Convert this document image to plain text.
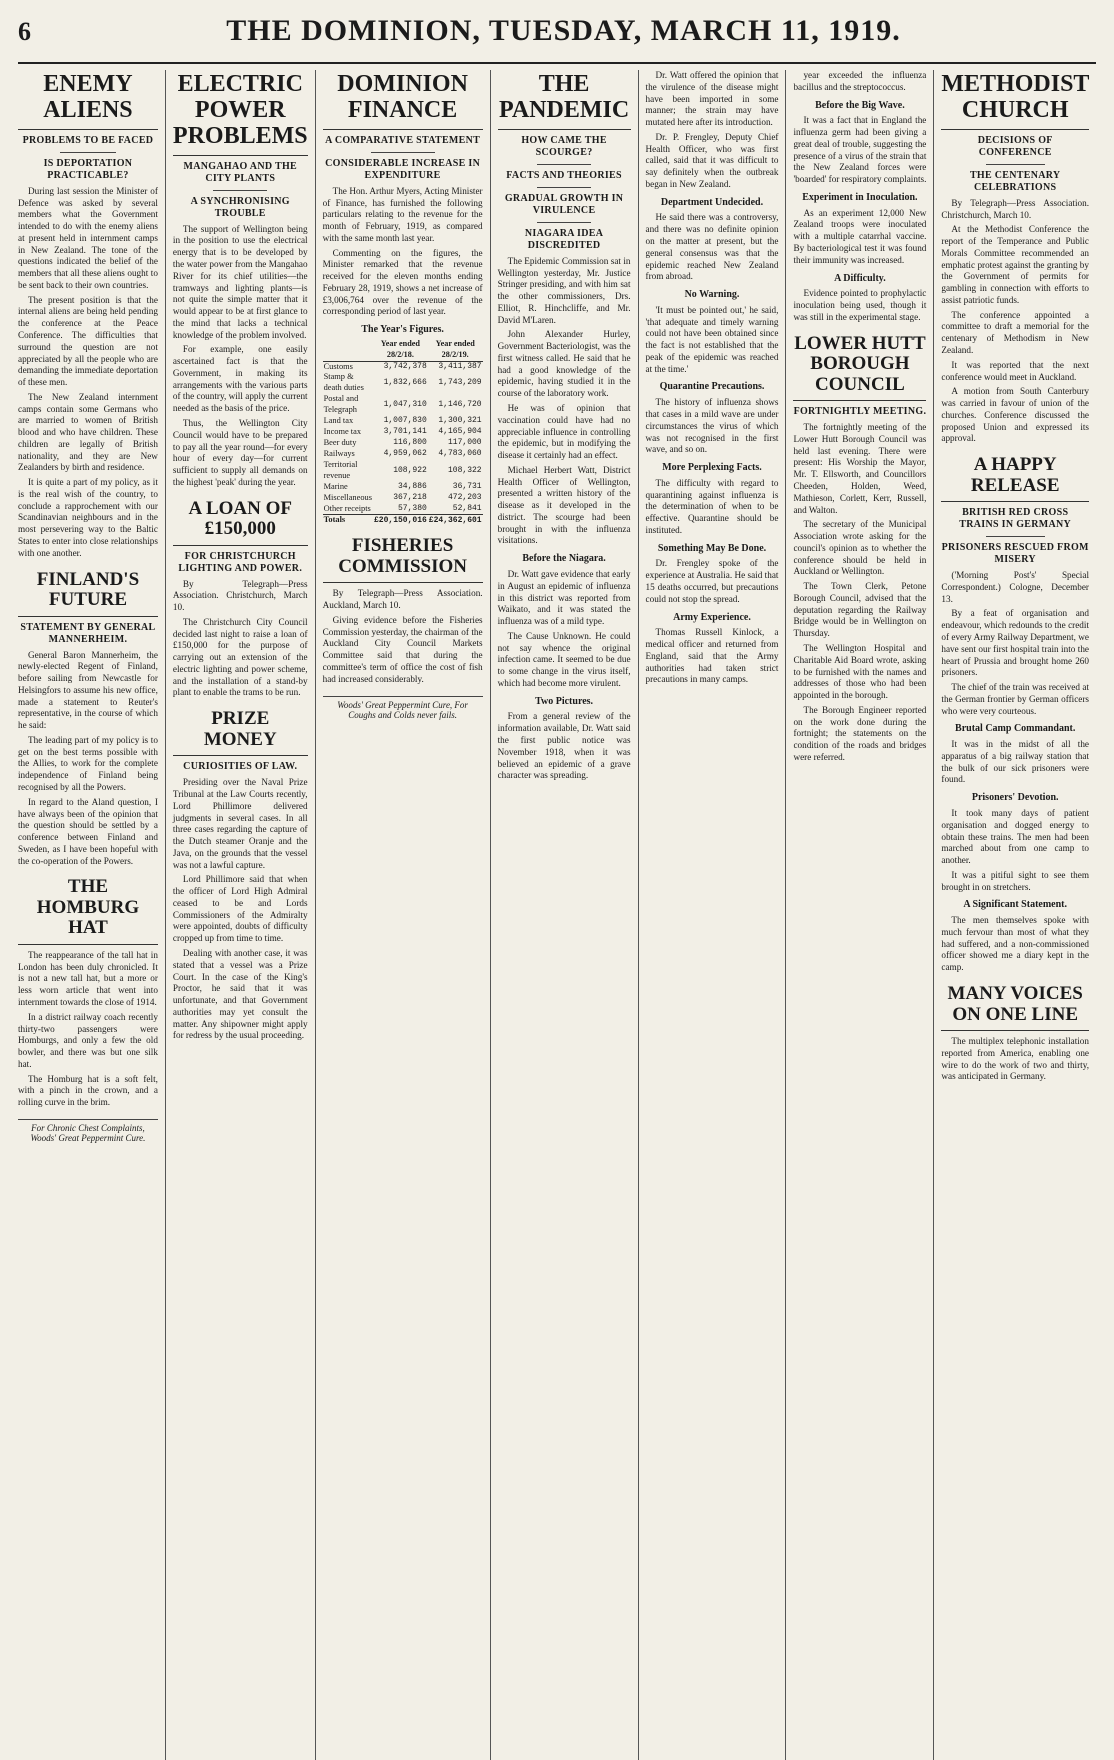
6	THE DOMINION, TUESDAY, MARCH 11, 1919.
ENEMY ALIENS
PROBLEMS TO BE FACED
IS DEPORTATION PRACTICABLE?

During last session the Minister of Defence was asked by several members what the Government intended to do with the enemy aliens at present held in internment camps in New Zealand. The tone of the questions indicated the belief of the members that all these aliens ought to be sent back to their own countries.

The present position is that the internal aliens are being held pending the conference at the Peace Conference. The difficulties that surround the question are not appreciated by all the people who are demanding the immediate deportation of these men.

The New Zealand internment camps contain some Germans who are married to women of British blood and who have children. These children are legally of British nationality, and they are New Zealanders by birth and residence.

It is quite a part of my policy, as it is the real wish of the country, to conclude a rapprochement with our Scandinavian neighbours and in the most persevering way to the Baltic States to enter into close relationships with one another.

FINLAND'S FUTURE
STATEMENT BY GENERAL MANNERHEIM.

General Baron Mannerheim, the newly-elected Regent of Finland, before sailing from Newcastle for Helsingfors to assume his new office, made a statement to Reuter's representative, in the course of which he said:

The leading part of my policy is to get on the best terms possible with the Allies, to work for the complete independence of Finland being recognised by all the Powers.

In regard to the Aland question, I have always been of the opinion that the question should be settled by a conference between Finland and Sweden, as I have been hopeful with the co-operation of the Powers.

THE HOMBURG HAT

The reappearance of the tall hat in London has been duly chronicled. It is not a new tall hat, but a more or less worn article that went into internment towards the close of 1914.

In a district railway coach recently thirty-two passengers were Homburgs, and only a few the old bowler, and there was but one silk hat.

The Homburg hat is a soft felt, with a pinch in the crown, and a rolling curve in the brim.

For Chronic Chest Complaints, Woods' Great Peppermint Cure.
ELECTRIC POWER PROBLEMS
MANGAHAO AND THE CITY PLANTS
A SYNCHRONISING TROUBLE

The support of Wellington being in the position to use the electrical energy that is to be developed by the water power from the Mangahao River for its chief utilities—the tramways and lighting plants—is not quite the simple matter that it would appear to be at first glance to the mind that lacks a technical knowledge of the problem involved.

For example, one easily ascertained fact is that the Government, in making its arrangements with the various parts of the country, will apply the current needed as the basis of the price.

Thus, the Wellington City Council would have to be prepared to pay all the year round—for every hour of every day—for current sufficient to supply all demands on the highest 'peak' during the year.

A LOAN OF £150,000
FOR CHRISTCHURCH LIGHTING AND POWER.

By Telegraph—Press Association. Christchurch, March 10.

The Christchurch City Council decided last night to raise a loan of £150,000 for the purpose of carrying out an extension of the electric lighting and power scheme, and the installation of a stand-by plant to enable the trams to be run.

PRIZE MONEY
CURIOSITIES OF LAW.

Presiding over the Naval Prize Tribunal at the Law Courts recently, Lord Phillimore delivered judgments in several cases. In all three cases regarding the capture of the Dutch steamer Oranje and the Java, on the grounds that the vessel was not a lawful capture.

Lord Phillimore said that when the officer of Lord High Admiral ceased to be and Lords Commissioners of the Admiralty were appointed, doubts of difficulty cropped up from time to time.

Dealing with another case, it was stated that a vessel was a Prize Court. In the case of the King's Proctor, he said that it was unfortunate, and that Government authorities may yet consult the matter. Any shipowner might apply for redress by the usual proceeding.

DOMINION FINANCE
A COMPARATIVE STATEMENT
CONSIDERABLE INCREASE IN EXPENDITURE

The Hon. Arthur Myers, Acting Minister of Finance, has furnished the following particulars relating to the revenue for the month of February, 1919, as compared with the same month last year.

Commenting on the figures, the Minister remarked that the revenue received for the eleven months ending February 28, 1919, shows a net increase of £3,006,764 over the revenue of the corresponding period of last year.

The Year's Figures.
	Year ended 28/2/18.	Year ended 28/2/19.
Customs	3,742,378	3,411,387
Stamp & death duties	1,832,666	1,743,209
Postal and Telegraph	1,047,310	1,146,720
Land tax	1,007,830	1,300,321
Income tax	3,701,141	4,165,904
Beer duty	116,800	117,000
Railways	4,959,062	4,783,060
Territorial revenue	108,922	108,322
Marine	34,886	36,731
Miscellaneous	367,218	472,203
Other receipts	57,380	52,841
Totals	£20,150,016	£24,362,601
FISHERIES COMMISSION

By Telegraph—Press Association. Auckland, March 10.

Giving evidence before the Fisheries Commission yesterday, the chairman of the Auckland City Council Markets Committee said that during the committee's term of office the cost of fish had increased considerably.

Woods' Great Peppermint Cure, For Coughs and Colds never fails.
THE PANDEMIC
HOW CAME THE SCOURGE?
FACTS AND THEORIES
GRADUAL GROWTH IN VIRULENCE
NIAGARA IDEA DISCREDITED

The Epidemic Commission sat in Wellington yesterday, Mr. Justice Stringer presiding, and with him sat the other commissioners, Drs. Elliot, R. Hinchcliffe, and Mr. David M'Laren.

John Alexander Hurley, Government Bacteriologist, was the first witness called. He said that he had a good knowledge of the epidemic, having studied it in the course of the laboratory work.

He was of opinion that vaccination could have had no appreciable influence in controlling the epidemic, but in modifying the disease it certainly had an effect.

Michael Herbert Watt, District Health Officer of Wellington, presented a written history of the disease as it developed in the district. The scourge had been brought in with the influenza visitations.

Before the Niagara.

Dr. Watt gave evidence that early in August an epidemic of influenza in this district was reported from Waikato, and it was stated the influenza was of a mild type.

The Cause Unknown. He could not say whence the original infection came. It seemed to be due to some change in the virus itself, which had become more virulent.

Two Pictures.

From a general review of the information available, Dr. Watt said the first public notice was November 1918, when it was believed an epidemic of a grave character was spreading.

Dr. Watt offered the opinion that the virulence of the disease might have been imported in some manner; the strain may have mutated here after its introduction.

Dr. P. Frengley, Deputy Chief Health Officer, who was first called, said that it was difficult to say definitely when the outbreak began in New Zealand.

Department Undecided.

He said there was a controversy, and there was no definite opinion on the matter at present, but the general consensus was that the epidemic reached New Zealand from abroad.

No Warning.

'It must be pointed out,' he said, 'that adequate and timely warning could not have been obtained since the fact is not established that the peak of the epidemic was reached at the time.'

Quarantine Precautions.

The history of influenza shows that cases in a mild wave are under circumstances the virus of which was not recognised in the first wave, and so on.

More Perplexing Facts.

The difficulty with regard to quarantining against influenza is the determination of when to be effective. Quarantine should be instituted.

Something May Be Done.

Dr. Frengley spoke of the experience at Australia. He said that 15 deaths occurred, but precautions could not stop the spread.

Army Experience.

Thomas Russell Kinlock, a medical officer and returned from England, said that the Army authorities had taken strict precautions in many camps.

year exceeded the influenza bacillus and the streptococcus.

Before the Big Wave.

It was a fact that in England the influenza germ had been giving a great deal of trouble, suggesting the presence of a virus of the strain that the New Zealand forces were 'boarded' for respiratory complaints.

Experiment in Inoculation.

As an experiment 12,000 New Zealand troops were inoculated with a multiple catarrhal vaccine. By bacteriological test it was found their immunity was increased.

A Difficulty.

Evidence pointed to prophylactic inoculation being used, though it was still in the experimental stage.

LOWER HUTT BOROUGH COUNCIL
FORTNIGHTLY MEETING.

The fortnightly meeting of the Lower Hutt Borough Council was held last evening. There were present: His Worship the Mayor, Mr. T. Ellsworth, and Councillors Cheeden, Holden, Weed, Mathieson, Corlett, Kerr, Russell, and Walton.

The secretary of the Municipal Association wrote asking for the council's opinion as to whether the conference should be held in Auckland or Wellington.

The Town Clerk, Petone Borough Council, advised that the deputation regarding the Railway Bridge would be in Wellington on Thursday.

The Wellington Hospital and Charitable Aid Board wrote, asking to be furnished with the names and addresses of those who had been appointed in the borough.

The Borough Engineer reported on the work done during the fortnight; the statements on the condition of the roads and bridges were referred.

METHODIST CHURCH
DECISIONS OF CONFERENCE
THE CENTENARY CELEBRATIONS

By Telegraph—Press Association. Christchurch, March 10.

At the Methodist Conference the report of the Temperance and Public Morals Committee recommended an emphatic protest against the granting by the Government of permits for gambling in connection with efforts to assist patriotic funds.

The conference appointed a committee to draft a memorial for the centenary of Methodism in New Zealand.

It was reported that the next conference would meet in Auckland.

A motion from South Canterbury was carried in favour of union of the churches. Conference discussed the proposed Union and expressed its approval.

A HAPPY RELEASE
BRITISH RED CROSS TRAINS IN GERMANY
PRISONERS RESCUED FROM MISERY

('Morning Post's' Special Correspondent.) Cologne, December 13.

By a feat of organisation and endeavour, which redounds to the credit of every Army Railway Department, we have sent our first hospital train into the heart of Prussia and brought home 260 prisoners.

The chief of the train was received at the German frontier by German officers who were very courteous.

Brutal Camp Commandant.

It was in the midst of all the apparatus of a big railway station that the bulk of our sick prisoners were found.

Prisoners' Devotion.

It took many days of patient organisation and dogged energy to obtain these trains. The men had been marched about from one camp to another.

It was a pitiful sight to see them brought in on stretchers.

A Significant Statement.

The men themselves spoke with much fervour than most of what they had suffered, and a non-commissioned officer showed me a diary kept in the camp.

MANY VOICES ON ONE LINE

The multiplex telephonic installation reported from America, enabling one wire to do the work of two and thirty, was anticipated in Germany.
